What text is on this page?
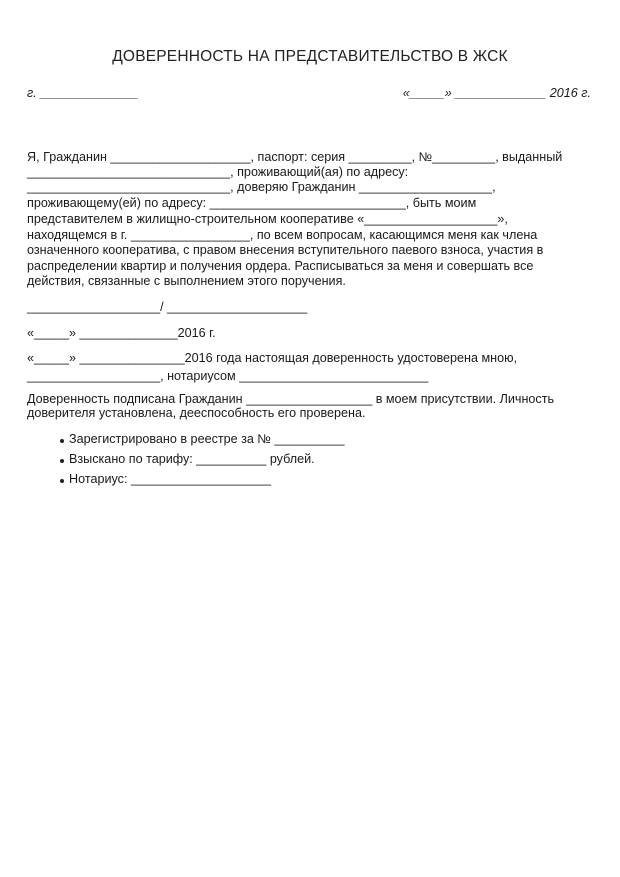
ДОВЕРЕННОСТЬ НА ПРЕДСТАВИТЕЛЬСТВО В ЖСК
г. ______________	«_____» _____________ 2016 г.
Я, Гражданин ____________________, паспорт: серия _________, №_________, выданный
_____________________________, проживающий(ая) по адресу:
_____________________________, доверяю Гражданин ___________________,
проживающему(ей) по адресу: ____________________________, быть моим
представителем в жилищно-строительном кооперативе «___________________»,
находящемся в г. _________________, по всем вопросам, касающимся меня как члена
означенного кооператива, с правом внесения вступительного паевого взноса, участия в
распределении квартир и получения ордера. Расписываться за меня и совершать все
действия, связанные с выполнением этого поручения.
___________________/ ____________________
«_____» ______________2016 г.
«_____» _______________2016 года настоящая доверенность удостоверена мною,
___________________, нотариусом ___________________________
Доверенность подписана Гражданин __________________ в моем присутствии. Личность
доверителя установлена, дееспособность его проверена.
Зарегистрировано в реестре за № __________
Взыскано по тарифу: __________ рублей.
Нотариус: ____________________
